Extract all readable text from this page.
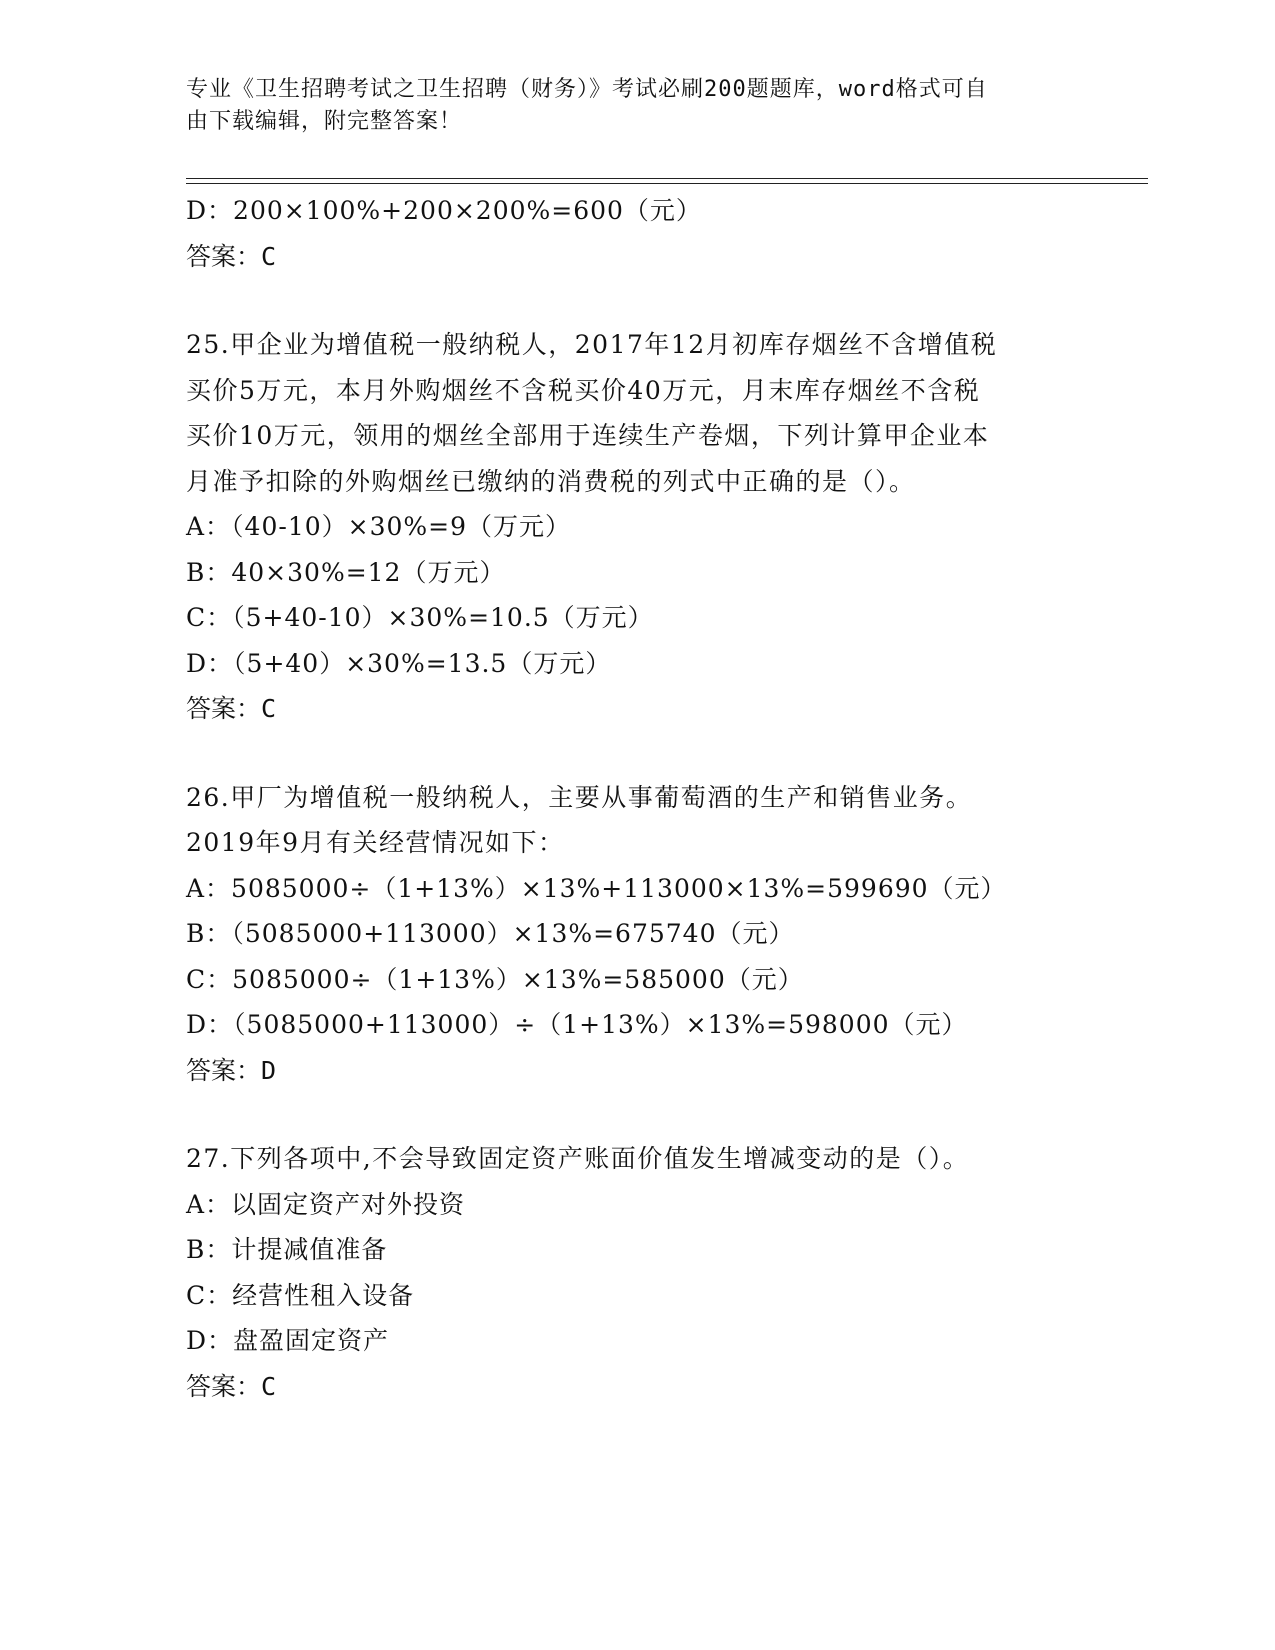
专业《卫生招聘考试之卫生招聘（财务）》考试必刷200题题库，word格式可自
由下载编辑，附完整答案！
D：200×100%+200×200%=600（元）
答案：C
25.甲企业为增值税一般纳税人，2017年12月初库存烟丝不含增值税
买价5万元，本月外购烟丝不含税买价40万元，月末库存烟丝不含税
买价10万元，领用的烟丝全部用于连续生产卷烟，下列计算甲企业本
月准予扣除的外购烟丝已缴纳的消费税的列式中正确的是（）。
A：（40-10）×30%=9（万元）
B：40×30%=12（万元）
C：（5+40-10）×30%=10.5（万元）
D：（5+40）×30%=13.5（万元）
答案：C
26.甲厂为增值税一般纳税人，主要从事葡萄酒的生产和销售业务。
2019年9月有关经营情况如下：
A：5085000÷（1+13%）×13%+113000×13%=599690（元）
B：（5085000+113000）×13%=675740（元）
C：5085000÷（1+13%）×13%=585000（元）
D：（5085000+113000）÷（1+13%）×13%=598000（元）
答案：D
27.下列各项中,不会导致固定资产账面价值发生增减变动的是（）。
A：以固定资产对外投资
B：计提减值准备
C：经营性租入设备
D：盘盈固定资产
答案：C
